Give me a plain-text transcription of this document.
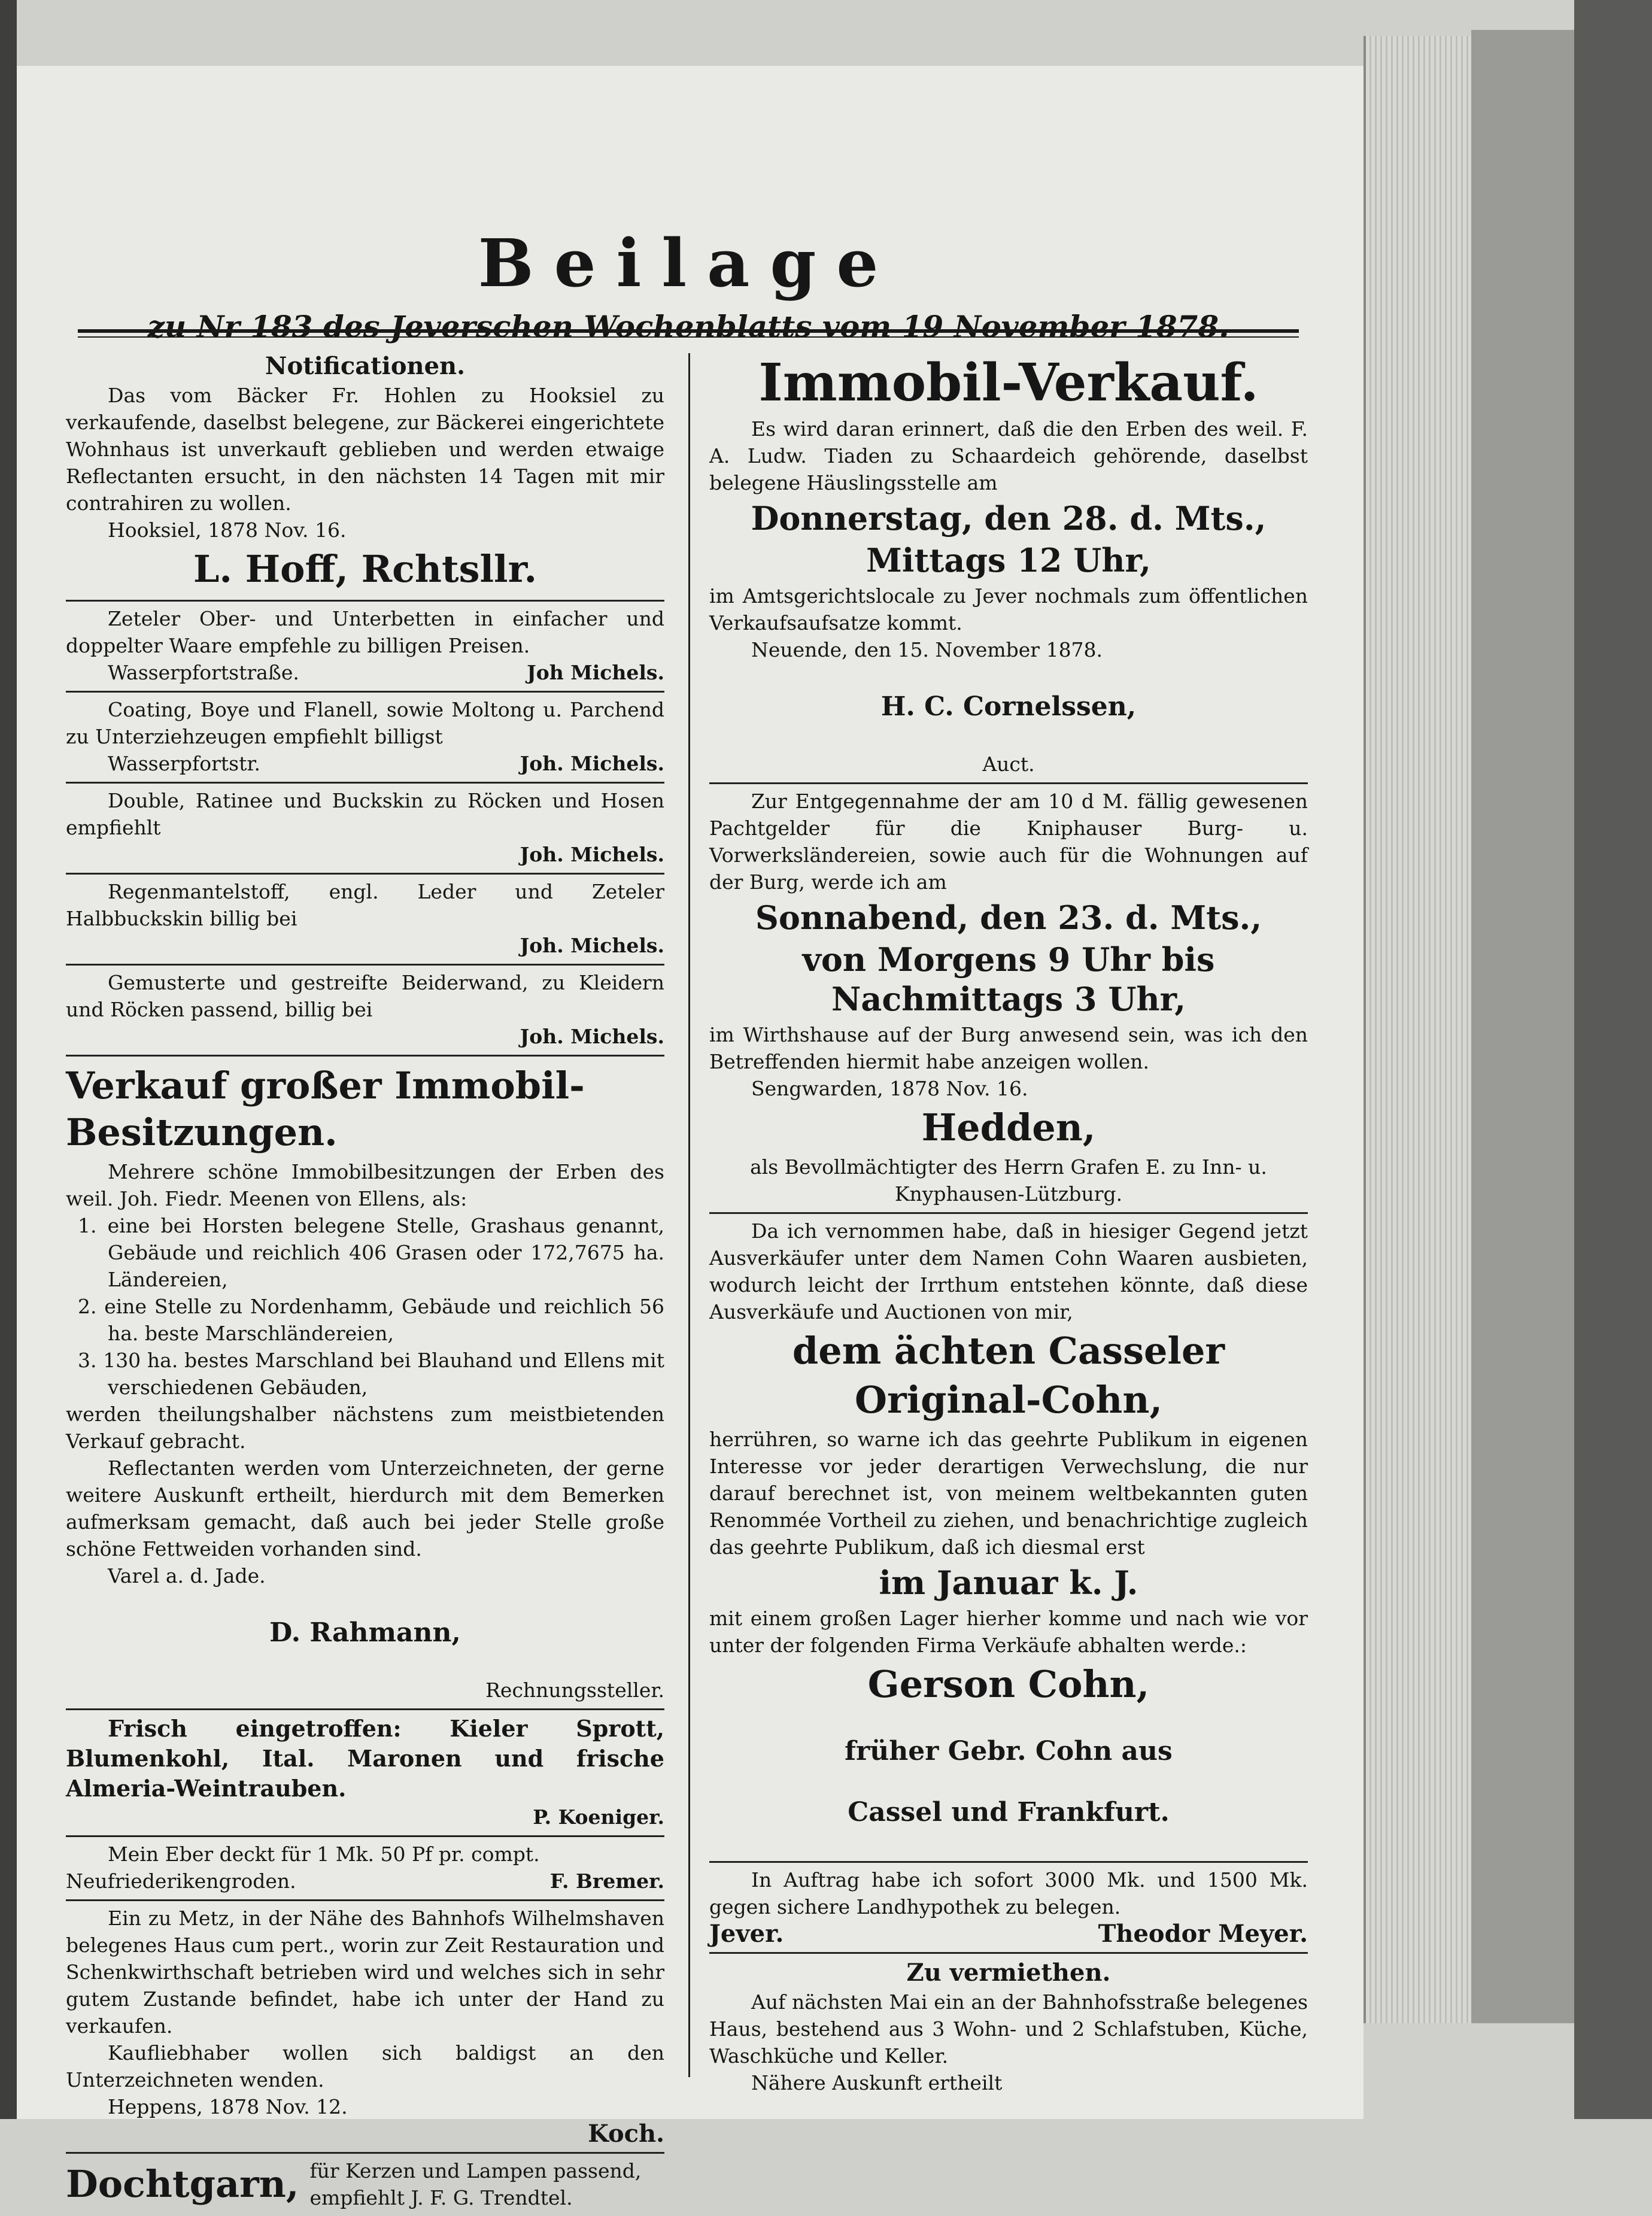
Beilage
zu Nr 183 des Jeverschen Wochenblatts vom 19 November 1878.

Notificationen.

Das vom Bäcker Fr. Hohlen zu Hooksiel zu verkaufende, daselbst belegene, zur Bäckerei eingerichtete Wohnhaus ist unverkauft geblieben und werden etwaige Reflectanten ersucht, in den nächsten 14 Tagen mit mir contrahiren zu wollen.

Hooksiel, 1878 Nov. 16.

L. Hoff, Rchtsllr.

Zeteler Ober- und Unterbetten in einfacher und doppelter Waare empfehle zu billigen Preisen.

Wasserpfortstraße.	Joh Michels.

Coating, Boye und Flanell, sowie Moltong u. Parchend zu Unterziehzeugen empfiehlt billigst

Wasserpfortstr.	Joh. Michels.

Double, Ratinee und Buckskin zu Röcken und Hosen empfiehlt

Joh. Michels.

Regenmantelstoff, engl. Leder und Zeteler Halbbuckskin billig bei

Joh. Michels.

Gemusterte und gestreifte Beiderwand, zu Kleidern und Röcken passend, billig bei

Joh. Michels.

Verkauf großer Immobil-Besitzungen.

Mehrere schöne Immobilbesitzungen der Erben des weil. Joh. Fiedr. Meenen von Ellens, als:

1. eine bei Horsten belegene Stelle, Grashaus genannt, Gebäude und reichlich 406 Grasen oder 172,7675 ha. Ländereien,

2. eine Stelle zu Nordenhamm, Gebäude und reichlich 56 ha. beste Marschländereien,

3. 130 ha. bestes Marschland bei Blauhand und Ellens mit verschiedenen Gebäuden,

werden theilungshalber nächstens zum meistbietenden Verkauf gebracht.

Reflectanten werden vom Unterzeichneten, der gerne weitere Auskunft ertheilt, hierdurch mit dem Bemerken aufmerksam gemacht, daß auch bei jeder Stelle große schöne Fettweiden vorhanden sind.

Varel a. d. Jade.

D. Rahmann,

Rechnungssteller.

Frisch eingetroffen: Kieler Sprott, Blumenkohl, Ital. Maronen und frische Almeria-Weintrauben.

P. Koeniger.

Mein Eber deckt für 1 Mk. 50 Pf pr. compt.

Neufriederikengroden.	F. Bremer.

Ein zu Metz, in der Nähe des Bahnhofs Wilhelmshaven belegenes Haus cum pert., worin zur Zeit Restauration und Schenkwirthschaft betrieben wird und welches sich in sehr gutem Zustande befindet, habe ich unter der Hand zu verkaufen.

Kaufliebhaber wollen sich baldigst an den Unterzeichneten wenden.

Heppens, 1878 Nov. 12.

Koch.

Dochtgarn, für Kerzen und Lampen passend,

empfiehlt J. F. G. Trendtel.

Immobil-Verkauf.

Es wird daran erinnert, daß die den Erben des weil. F. A. Ludw. Tiaden zu Schaardeich gehörende, daselbst belegene Häuslingsstelle am

Donnerstag, den 28. d. Mts.,

Mittags 12 Uhr,

im Amtsgerichtslocale zu Jever nochmals zum öffentlichen Verkaufsaufsatze kommt.

Neuende, den 15. November 1878.

H. C. Cornelssen,

Auct.

Zur Entgegennahme der am 10 d M. fällig gewesenen Pachtgelder für die Kniphauser Burg- u. Vorwerksländereien, sowie auch für die Wohnungen auf der Burg, werde ich am

Sonnabend, den 23. d. Mts.,

von Morgens 9 Uhr bis Nachmittags 3 Uhr,

im Wirthshause auf der Burg anwesend sein, was ich den Betreffenden hiermit habe anzeigen wollen.

Sengwarden, 1878 Nov. 16.

Hedden,

als Bevollmächtigter des Herrn Grafen E. zu Inn- u. Knyphausen-Lützburg.

Da ich vernommen habe, daß in hiesiger Gegend jetzt Ausverkäufer unter dem Namen Cohn Waaren ausbieten, wodurch leicht der Irrthum entstehen könnte, daß diese Ausverkäufe und Auctionen von mir,

dem ächten Casseler

Original-Cohn,

herrühren, so warne ich das geehrte Publikum in eigenen Interesse vor jeder derartigen Verwechslung, die nur darauf berechnet ist, von meinem weltbekannten guten Renommée Vortheil zu ziehen, und benachrichtige zugleich das geehrte Publikum, daß ich diesmal erst

im Januar k. J.

mit einem großen Lager hierher komme und nach wie vor unter der folgenden Firma Verkäufe abhalten werde.:

Gerson Cohn,

früher Gebr. Cohn aus

Cassel und Frankfurt.

In Auftrag habe ich sofort 3000 Mk. und 1500 Mk. gegen sichere Landhypothek zu belegen.

Jever.	Theodor Meyer.

Zu vermiethen.

Auf nächsten Mai ein an der Bahnhofsstraße belegenes Haus, bestehend aus 3 Wohn- und 2 Schlafstuben, Küche, Waschküche und Keller.

Nähere Auskunft ertheilt
